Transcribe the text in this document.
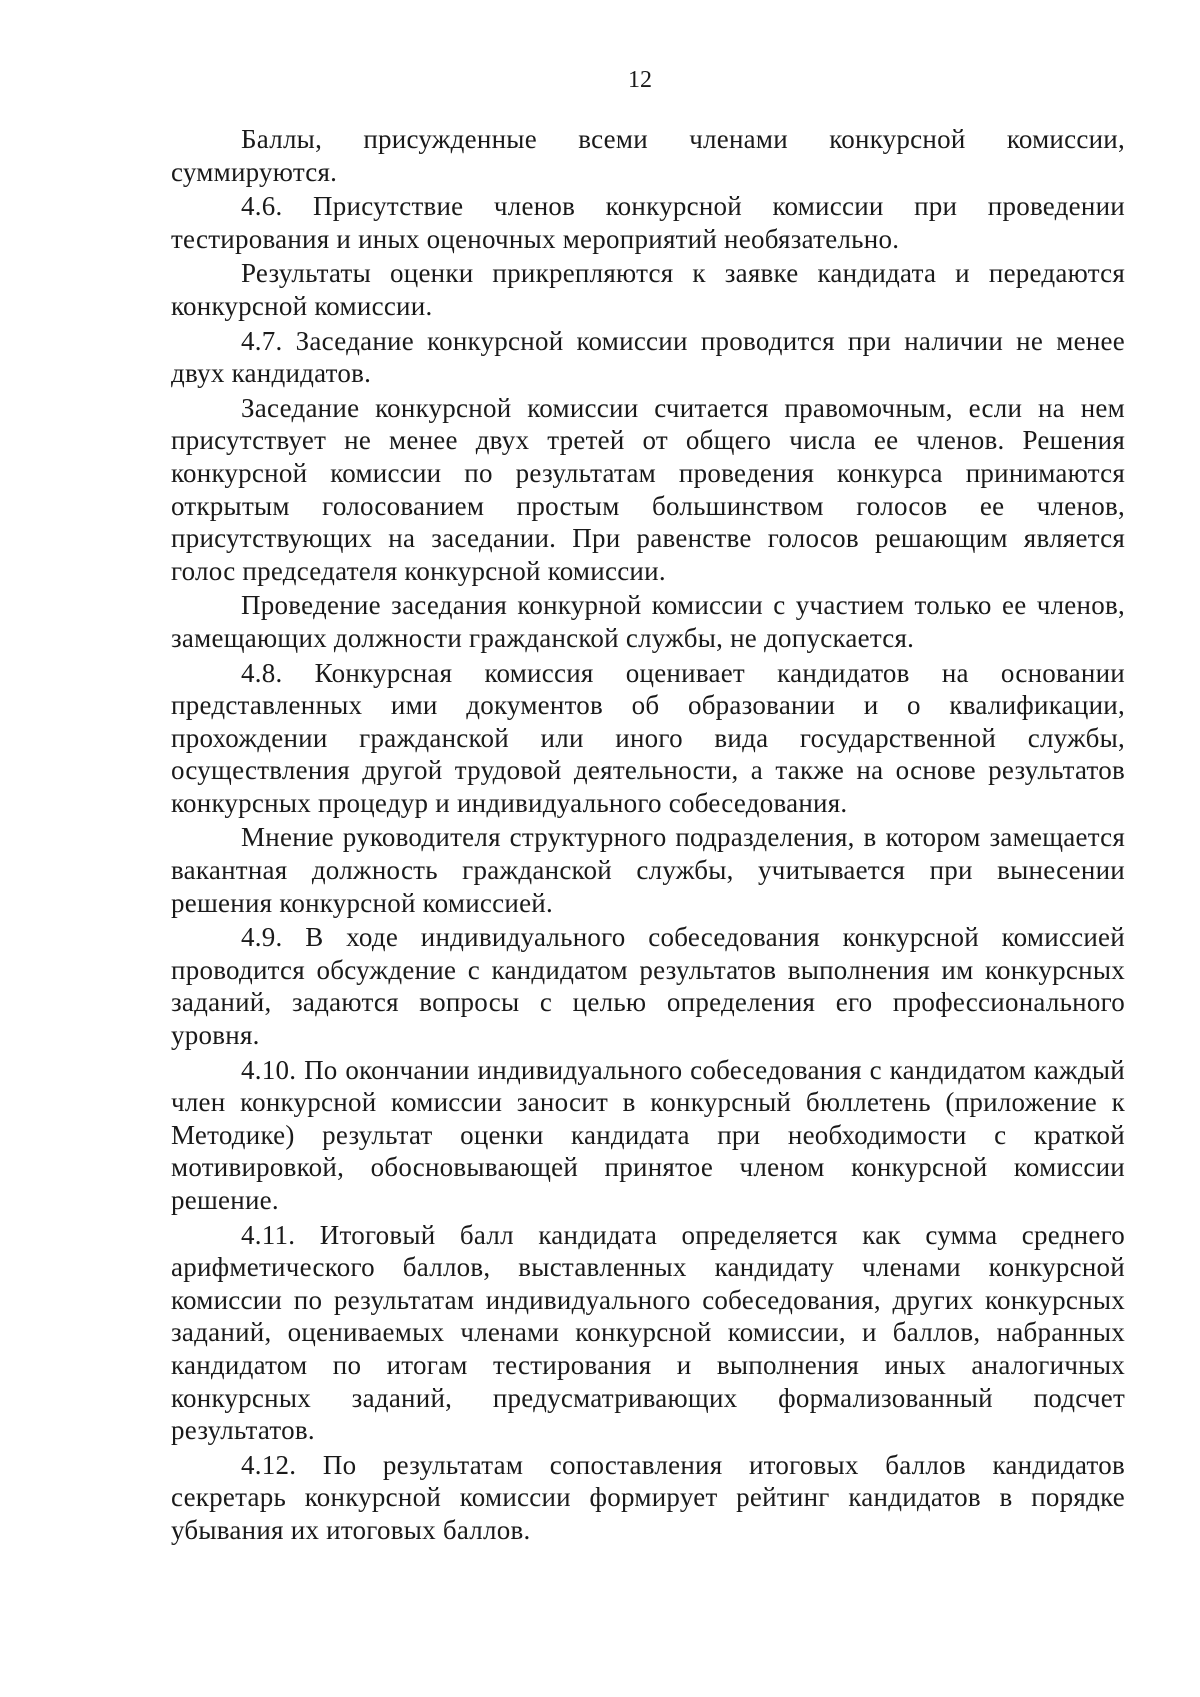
12

Баллы, присужденные всеми членами конкурсной комиссии, суммируются.

4.6. Присутствие членов конкурсной комиссии при проведении тестирования и иных оценочных мероприятий необязательно.

Результаты оценки прикрепляются к заявке кандидата и передаются конкурсной комиссии.

4.7. Заседание конкурсной комиссии проводится при наличии не менее двух кандидатов.

Заседание конкурсной комиссии считается правомочным, если на нем присутствует не менее двух третей от общего числа ее членов. Решения конкурсной комиссии по результатам проведения конкурса принимаются открытым голосованием простым большинством голосов ее членов, присутствующих на заседании. При равенстве голосов решающим является голос председателя конкурсной комиссии.

Проведение заседания конкурной комиссии с участием только ее членов, замещающих должности гражданской службы, не допускается.

4.8. Конкурсная комиссия оценивает кандидатов на основании представленных ими документов об образовании и о квалификации, прохождении гражданской или иного вида государственной службы, осуществления другой трудовой деятельности, а также на основе результатов конкурсных процедур и индивидуального собеседования.

Мнение руководителя структурного подразделения, в котором замещается вакантная должность гражданской службы, учитывается при вынесении решения конкурсной комиссией.

4.9. В ходе индивидуального собеседования конкурсной комиссией проводится обсуждение с кандидатом результатов выполнения им конкурсных заданий, задаются вопросы с целью определения его профессионального уровня.

4.10. По окончании индивидуального собеседования с кандидатом каждый член конкурсной комиссии заносит в конкурсный бюллетень (приложение к Методике) результат оценки кандидата при необходимости с краткой мотивировкой, обосновывающей принятое членом конкурсной комиссии решение.

4.11. Итоговый балл кандидата определяется как сумма среднего арифметического баллов, выставленных кандидату членами конкурсной комиссии по результатам индивидуального собеседования, других конкурсных заданий, оцениваемых членами конкурсной комиссии, и баллов, набранных кандидатом по итогам тестирования и выполнения иных аналогичных конкурсных заданий, предусматривающих формализованный подсчет результатов.

4.12. По результатам сопоставления итоговых баллов кандидатов секретарь конкурсной комиссии формирует рейтинг кандидатов в порядке убывания их итоговых баллов.
